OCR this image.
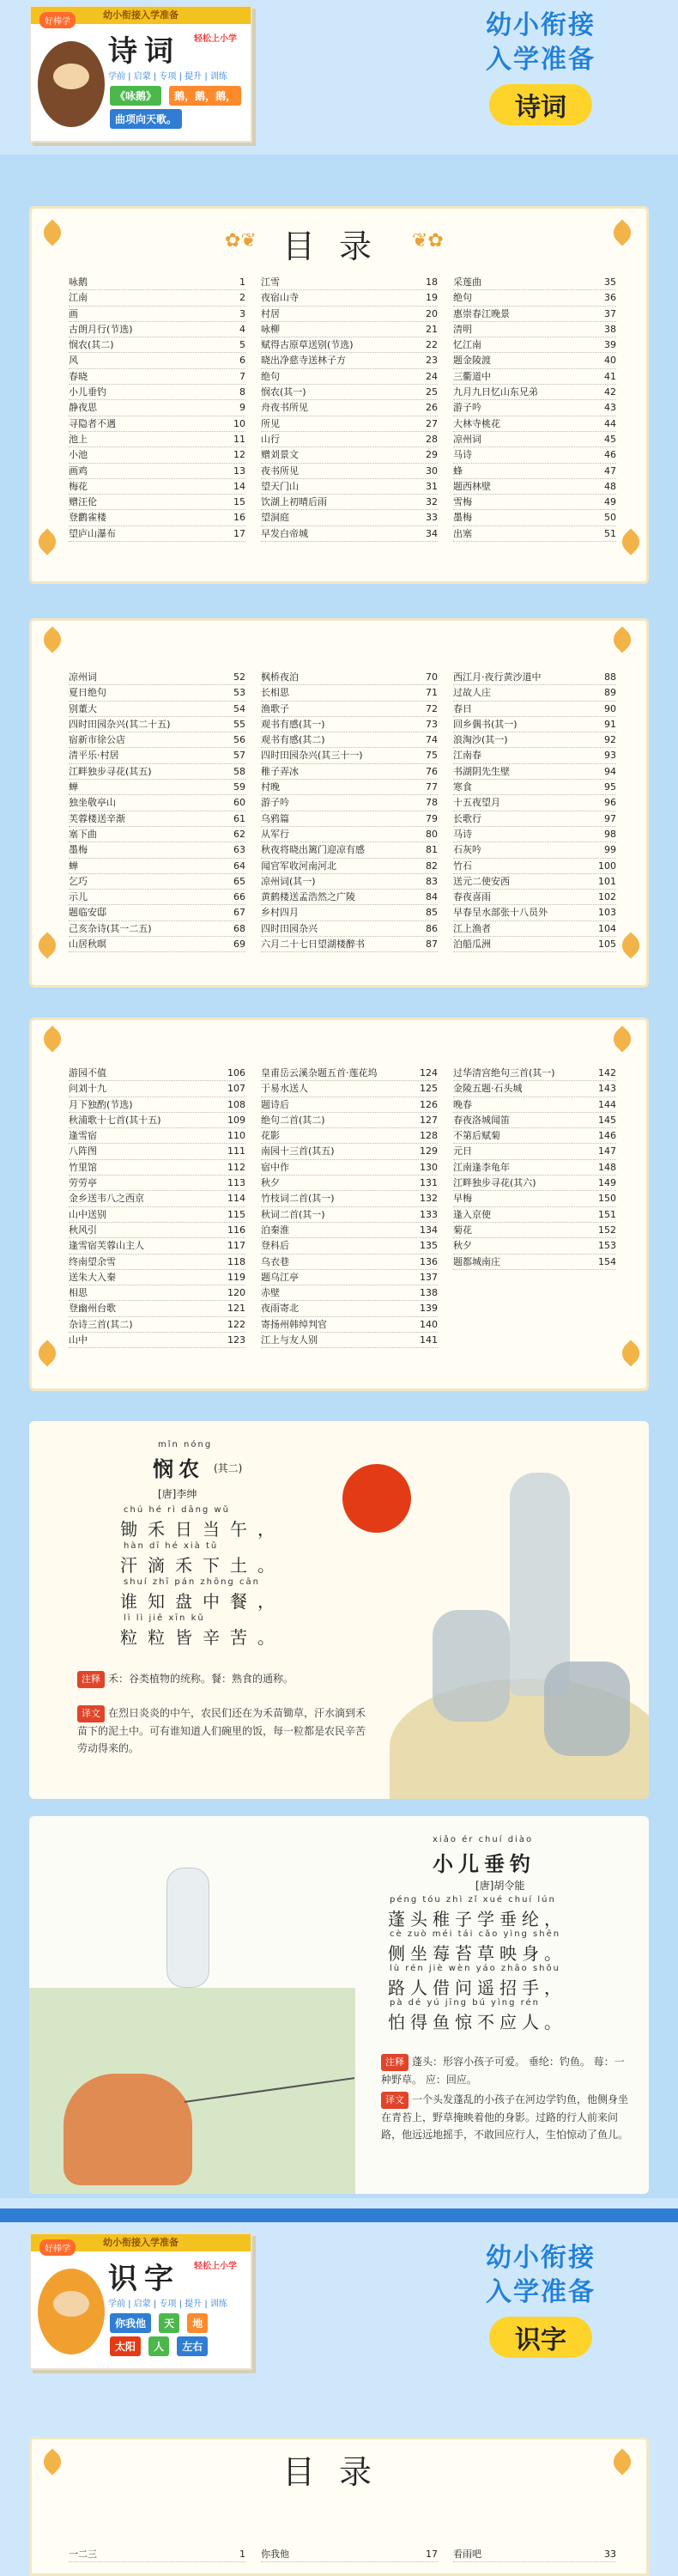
幼小衔接入学准备
好棒学
诗词 轻松上小学
学前 | 启蒙 | 专项 | 提升 | 训练
《咏鹅》 鹅，鹅，鹅， 曲项向天歌。
幼小衔接
入学准备
诗词
✿❦	❦✿
目录
咏鹅	1
江南	2
画	3
古朗月行(节选)	4
悯农(其二)	5
风	6
春晓	7
小儿垂钓	8
静夜思	9
寻隐者不遇	10
池上	11
小池	12
画鸡	13
梅花	14
赠汪伦	15
登鹳雀楼	16
望庐山瀑布	17
江雪	18
夜宿山寺	19
村居	20
咏柳	21
赋得古原草送别(节选)	22
晓出净慈寺送林子方	23
绝句	24
悯农(其一)	25
舟夜书所见	26
所见	27
山行	28
赠刘景文	29
夜书所见	30
望天门山	31
饮湖上初晴后雨	32
望洞庭	33
早发白帝城	34
采莲曲	35
绝句	36
惠崇春江晚景	37
清明	38
忆江南	39
题金陵渡	40
三衢道中	41
九月九日忆山东兄弟	42
游子吟	43
大林寺桃花	44
凉州词	45
马诗	46
蜂	47
题西林壁	48
雪梅	49
墨梅	50
出塞	51
凉州词	52
夏日绝句	53
别董大	54
四时田园杂兴(其二十五)	55
宿新市徐公店	56
清平乐·村居	57
江畔独步寻花(其五)	58
蝉	59
独坐敬亭山	60
芙蓉楼送辛渐	61
塞下曲	62
墨梅	63
蝉	64
乞巧	65
示儿	66
题临安邸	67
己亥杂诗(其一二五)	68
山居秋暝	69
枫桥夜泊	70
长相思	71
渔歌子	72
观书有感(其一)	73
观书有感(其二)	74
四时田园杂兴(其三十一)	75
稚子弄冰	76
村晚	77
游子吟	78
乌鸦篇	79
从军行	80
秋夜将晓出篱门迎凉有感	81
闻官军收河南河北	82
凉州词(其一)	83
黄鹤楼送孟浩然之广陵	84
乡村四月	85
四时田园杂兴	86
六月二十七日望湖楼醉书	87
西江月·夜行黄沙道中	88
过故人庄	89
春日	90
回乡偶书(其一)	91
浪淘沙(其一)	92
江南春	93
书湖阴先生壁	94
寒食	95
十五夜望月	96
长歌行	97
马诗	98
石灰吟	99
竹石	100
送元二使安西	101
春夜喜雨	102
早春呈水部张十八员外	103
江上渔者	104
泊船瓜洲	105
游园不值	106
问刘十九	107
月下独酌(节选)	108
秋浦歌十七首(其十五)	109
逢雪宿	110
八阵图	111
竹里馆	112
劳劳亭	113
金乡送韦八之西京	114
山中送别	115
秋风引	116
逢雪宿芙蓉山主人	117
终南望余雪	118
送朱大入秦	119
相思	120
登幽州台歌	121
杂诗三首(其二)	122
山中	123
皇甫岳云溪杂题五首·莲花坞	124
于易水送人	125
题诗后	126
绝句二首(其二)	127
花影	128
南园十三首(其五)	129
宿中作	130
秋夕	131
竹枝词二首(其一)	132
秋词二首(其一)	133
泊秦淮	134
登科后	135
乌衣巷	136
题乌江亭	137
赤壁	138
夜雨寄北	139
寄扬州韩绰判官	140
江上与友人别	141
过华清宫绝句三首(其一)	142
金陵五题·石头城	143
晚春	144
春夜洛城闻笛	145
不第后赋菊	146
元日	147
江南逢李龟年	148
江畔独步寻花(其六)	149
早梅	150
逢入京使	151
菊花	152
秋夕	153
题都城南庄	154
mǐn nóng
悯农 (其二)
[唐]李绅
chú hé rì dāng wǔ
锄禾日当午，
hàn dī hé xià tǔ
汗滴禾下土。
shuí zhī pán zhōng cān
谁知盘中餐，
lì lì jiē xīn kǔ
粒粒皆辛苦。
注释 禾：谷类植物的统称。餐：熟食的通称。
译文 在烈日炎炎的中午，农民们还在为禾苗锄草，汗水滴到禾苗下的泥土中。可有谁知道人们碗里的饭，每一粒都是农民辛苦劳动得来的。
xiǎo ér chuí diào
小儿垂钓
[唐]胡令能
péng tóu zhì zǐ xué chuí lún
蓬头稚子学垂纶，
cè zuò méi tái cǎo yìng shēn
侧坐莓苔草映身。
lù rén jiè wèn yáo zhāo shǒu
路人借问遥招手，
pà dé yú jīng bú yìng rén
怕得鱼惊不应人。
注释 蓬头：形容小孩子可爱。 垂纶：钓鱼。 莓：一种野草。 应：回应。
译文 一个头发蓬乱的小孩子在河边学钓鱼，他侧身坐在青苔上，野草掩映着他的身影。过路的行人前来问路，他远远地摇手，不敢回应行人，生怕惊动了鱼儿。
幼小衔接入学准备
好棒学
识字 轻松上小学
学前 | 启蒙 | 专项 | 提升 | 训练
你我他 天 地 太阳 人 左右
幼小衔接
入学准备
识字
目录
一二三	1 你我他	17 看雨吧	33
